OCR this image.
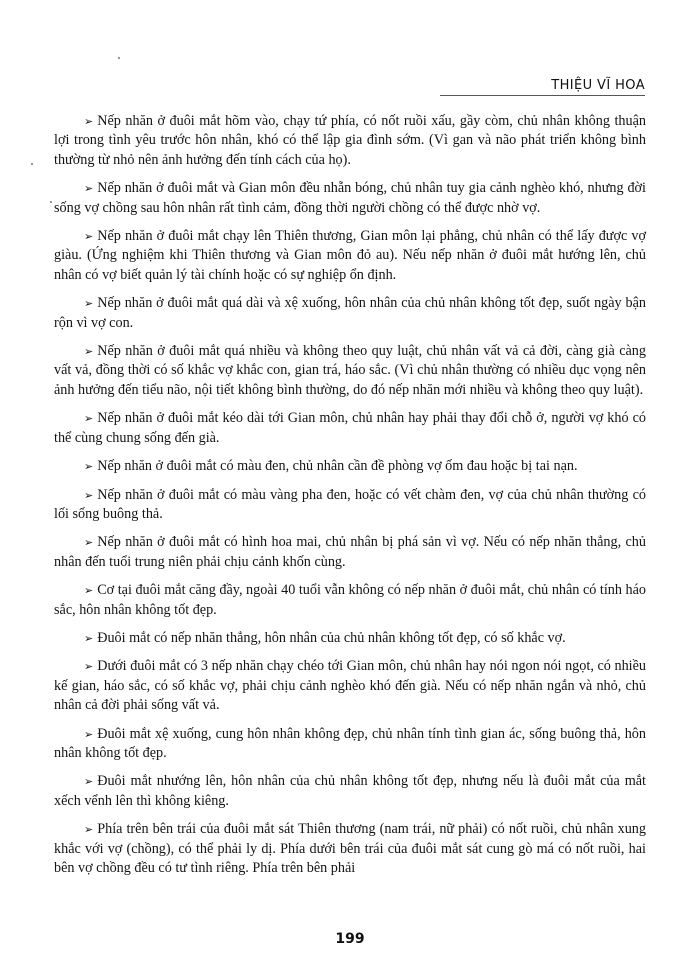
THIỆU VĨ HOA

➢ Nếp nhăn ở đuôi mắt hõm vào, chạy tứ phía, có nốt ruồi xấu, gầy còm, chủ nhân không thuận lợi trong tình yêu trước hôn nhân, khó có thể lập gia đình sớm. (Vì gan và não phát triển không bình thường từ nhỏ nên ảnh hưởng đến tính cách của họ).

➢ Nếp nhăn ở đuôi mắt và Gian môn đều nhẵn bóng, chủ nhân tuy gia cảnh nghèo khó, nhưng đời sống vợ chồng sau hôn nhân rất tình cảm, đồng thời người chồng có thể được nhờ vợ.

➢ Nếp nhăn ở đuôi mắt chạy lên Thiên thương, Gian môn lại phẳng, chủ nhân có thể lấy được vợ giàu. (Ứng nghiệm khi Thiên thương và Gian môn đỏ au). Nếu nếp nhăn ở đuôi mắt hướng lên, chủ nhân có vợ biết quản lý tài chính hoặc có sự nghiệp ổn định.

➢ Nếp nhăn ở đuôi mắt quá dài và xệ xuống, hôn nhân của chủ nhân không tốt đẹp, suốt ngày bận rộn vì vợ con.

➢ Nếp nhăn ở đuôi mắt quá nhiều và không theo quy luật, chủ nhân vất vả cả đời, càng già càng vất vả, đồng thời có số khắc vợ khắc con, gian trá, háo sắc. (Vì chủ nhân thường có nhiều dục vọng nên ảnh hưởng đến tiểu não, nội tiết không bình thường, do đó nếp nhăn mới nhiều và không theo quy luật).

➢ Nếp nhăn ở đuôi mắt kéo dài tới Gian môn, chủ nhân hay phải thay đổi chỗ ở, người vợ khó có thể cùng chung sống đến già.

➢ Nếp nhăn ở đuôi mắt có màu đen, chủ nhân cần đề phòng vợ ốm đau hoặc bị tai nạn.

➢ Nếp nhăn ở đuôi mắt có màu vàng pha đen, hoặc có vết chàm đen, vợ của chủ nhân thường có lối sống buông thả.

➢ Nếp nhăn ở đuôi mắt có hình hoa mai, chủ nhân bị phá sản vì vợ. Nếu có nếp nhăn thẳng, chủ nhân đến tuổi trung niên phải chịu cảnh khốn cùng.

➢ Cơ tại đuôi mắt căng đầy, ngoài 40 tuổi vẫn không có nếp nhăn ở đuôi mắt, chủ nhân có tính háo sắc, hôn nhân không tốt đẹp.

➢ Đuôi mắt có nếp nhăn thẳng, hôn nhân của chủ nhân không tốt đẹp, có số khắc vợ.

➢ Dưới đuôi mắt có 3 nếp nhăn chạy chéo tới Gian môn, chủ nhân hay nói ngon nói ngọt, có nhiều kế gian, háo sắc, có số khắc vợ, phải chịu cảnh nghèo khó đến già. Nếu có nếp nhăn ngắn và nhỏ, chủ nhân cả đời phải sống vất vả.

➢ Đuôi mắt xệ xuống, cung hôn nhân không đẹp, chủ nhân tính tình gian ác, sống buông thả, hôn nhân không tốt đẹp.

➢ Đuôi mắt nhướng lên, hôn nhân của chủ nhân không tốt đẹp, nhưng nếu là đuôi mắt của mắt xếch vểnh lên thì không kiêng.

➢ Phía trên bên trái của đuôi mắt sát Thiên thương (nam trái, nữ phải) có nốt ruồi, chủ nhân xung khắc với vợ (chồng), có thể phải ly dị. Phía dưới bên trái của đuôi mắt sát cung gò má có nốt ruồi, hai bên vợ chồng đều có tư tình riêng. Phía trên bên phải

199
